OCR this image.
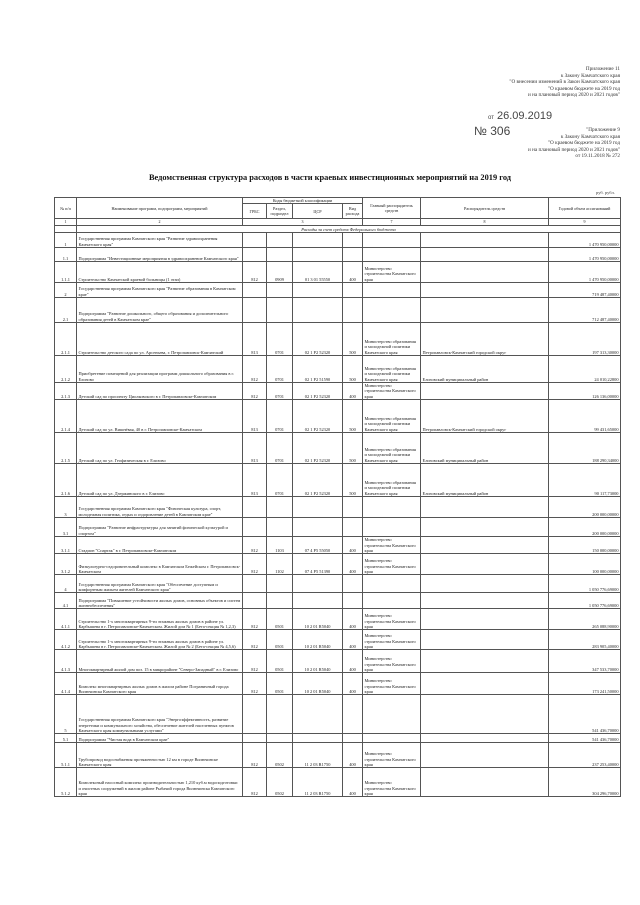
Приложение 11
к Закону Камчатского края
"О внесении изменений в Закон Камчатского края
"О краевом бюджете на 2019 год
и на плановый период 2020 и 2021 годов"
от 26.09.2019
№ 306	"Приложение 9
к Закону Камчатского края
"О краевом бюджете на 2019 год
и на плановый период 2020 и 2021 годов"
от 19.11.2018 № 272
Ведомственная структура расходов в части краевых инвестиционных мероприятий на 2019 год
руб. рубл.
№ п/п	Наименование программ, подпрограмм, мероприятий	Коды бюджетной классификации				Главный распорядитель средств	Распорядитель средств	Годовой объем ассигнований
		ГРБС	Раздел, подраздел	ЦСР	Вид расхода			
1	2	3				7	8	9
	Расходы за счет средств Федерального бюджета							
1	Государственная программа Камчатского края "Развитие здравоохранения Камчатского края"							1 470 950,00000
1.1	Подпрограмма "Инвестиционные мероприятия в здравоохранение Камчатского края"							1 470 950,00000
1.1.1	Строительство Камчатской краевой больницы (1 этап)	812	0909	01 3 01 55550	400	Министерство строительства Камчатского края		1 470 950,00000
2	Государственная программа Камчатского края "Развитие образования в Камчатском крае"							719 487,40000
2.1	Подпрограмма "Развитие дошкольного, общего образования и дополнительного образования детей в Камчатском крае"							712 487,40000
2.1.1	Строительство детского сада по ул. Арсеньева, г. Петропавловск-Камчатский	813	0701	02 1 P2 52320	500	Министерство образования и молодежной политики Камчатского края	Петропавловск-Камчатский городской округ	197 313,30000
2.1.2	Приобретение помещений для реализации программ дошкольного образования в г. Елизово	812	0701	02 1 P2 51590	500	Министерство образования и молодежной политики Камчатского края	Елизовский муниципальный район	24 010,22800
2.1.3	Детский сад по проспекту Циолковского в г. Петропавловске-Камчатском	812	0701	02 1 P2 52320	400	Министерство строительства Камчатского края		126 136,00000
2.1.4	Детский сад по ул. Вишнёвая, 40 в г. Петропавловске-Камчатском	813	0701	02 1 P2 52320	500	Министерство образования и молодежной политики Камчатского края	Петропавловск-Камчатский городской округ	99 431,65000
2.1.5	Детский сад по ул. Геофизическая в г. Елизово	813	0701	02 1 P2 52320	500	Министерство образования и молодежной политики Камчатского края	Елизовский муниципальный район	188 290,34000
2.1.6	Детский сад по ул. Дзержинского в г. Елизово	813	0701	02 1 P2 52320	500	Министерство образования и молодежной политики Камчатского края	Елизовский муниципальный район	90 117,73000
3	Государственная программа Камчатского края "Физическая культура, спорт, молодежная политика, отдых и оздоровление детей в Камчатском крае"							200 000,00000
3.1	Подпрограмма "Развитие инфраструктуры для занятий физической культурой и спортом"							200 000,00000
3.1.1	Стадион "Спартак" в г. Петропавловске-Камчатском	812	1103	07 4 P5 55050	400	Министерство строительства Камчатского края		150 000,00000
3.1.2	Физкультурно-оздоровительный комплекс в Камчатском Бежейском г. Петропавловск-Камчатском	812	1102	07 4 P5 51390	400	Министерство строительства Камчатского края		100 000,00000
4	Государственная программа Камчатского края "Обеспечение доступным и комфортным жильем жителей Камчатского края"							1 050 776,69000
4.1	Подпрограмма "Повышение устойчивости жилых домов, основных объектов и систем жизнеобеспечения"							1 050 776,69000
4.1.1	Строительство 1-х многоквартирных 9-ти этажных жилых домов в районе ул. Карбышева в г. Петропавловске-Камчатском. Жилой дом № 1 (Бета-секция № 1,2,3)	812	0501	10 2 01 R5040	400	Министерство строительства Камчатского края		265 088,90000
4.1.2	Строительство 1-х многоквартирных 9-ти этажных жилых домов в районе ул. Карбышева в г. Петропавловске-Камчатском. Жилой дом № 2 (Бета-секция № 4,5,6)	812	0501	10 2 01 R5040	400	Министерство строительства Камчатского края		283 905,40000
4.1.3	Многоквартирный жилой дом поз. 15 в микрорайоне "Северо-Западный" в г. Елизово	812	0501	10 2 01 R5040	400	Министерство строительства Камчатского края		347 533,70000
4.1.4	Комплекс многоквартирных жилых домов в жилом районе Пограничный города Вилючинска Камчатского края	812	0501	10 2 01 R5040	400	Министерство строительства Камчатского края		173 241,50000
5	Государственная программа Камчатского края "Энергоэффективность, развитие энергетики и коммунального хозяйства, обеспечение жителей населенных пунктов Камчатского края коммунальными услугами"							541 436,70000
5.1	Подпрограмма "Чистая вода в Камчатском крае"							541 436,70000
5.1.1	Трубопровод водоснабжения протяженностью 12 км в городе Вилючинске Камчатского края	812	0502	11 2 03 R1750	400	Министерство строительства Камчатского края		237 253,40000
5.1.2	Комплексный насосный комплекс производительностью 1,210 куб.м водоподготовки и очистных сооружений в жилом районе Рыбачий города Вилючинска Камчатского края	812	0502	11 2 03 R1750	400	Министерство строительства Камчатского края		304 296,70000
